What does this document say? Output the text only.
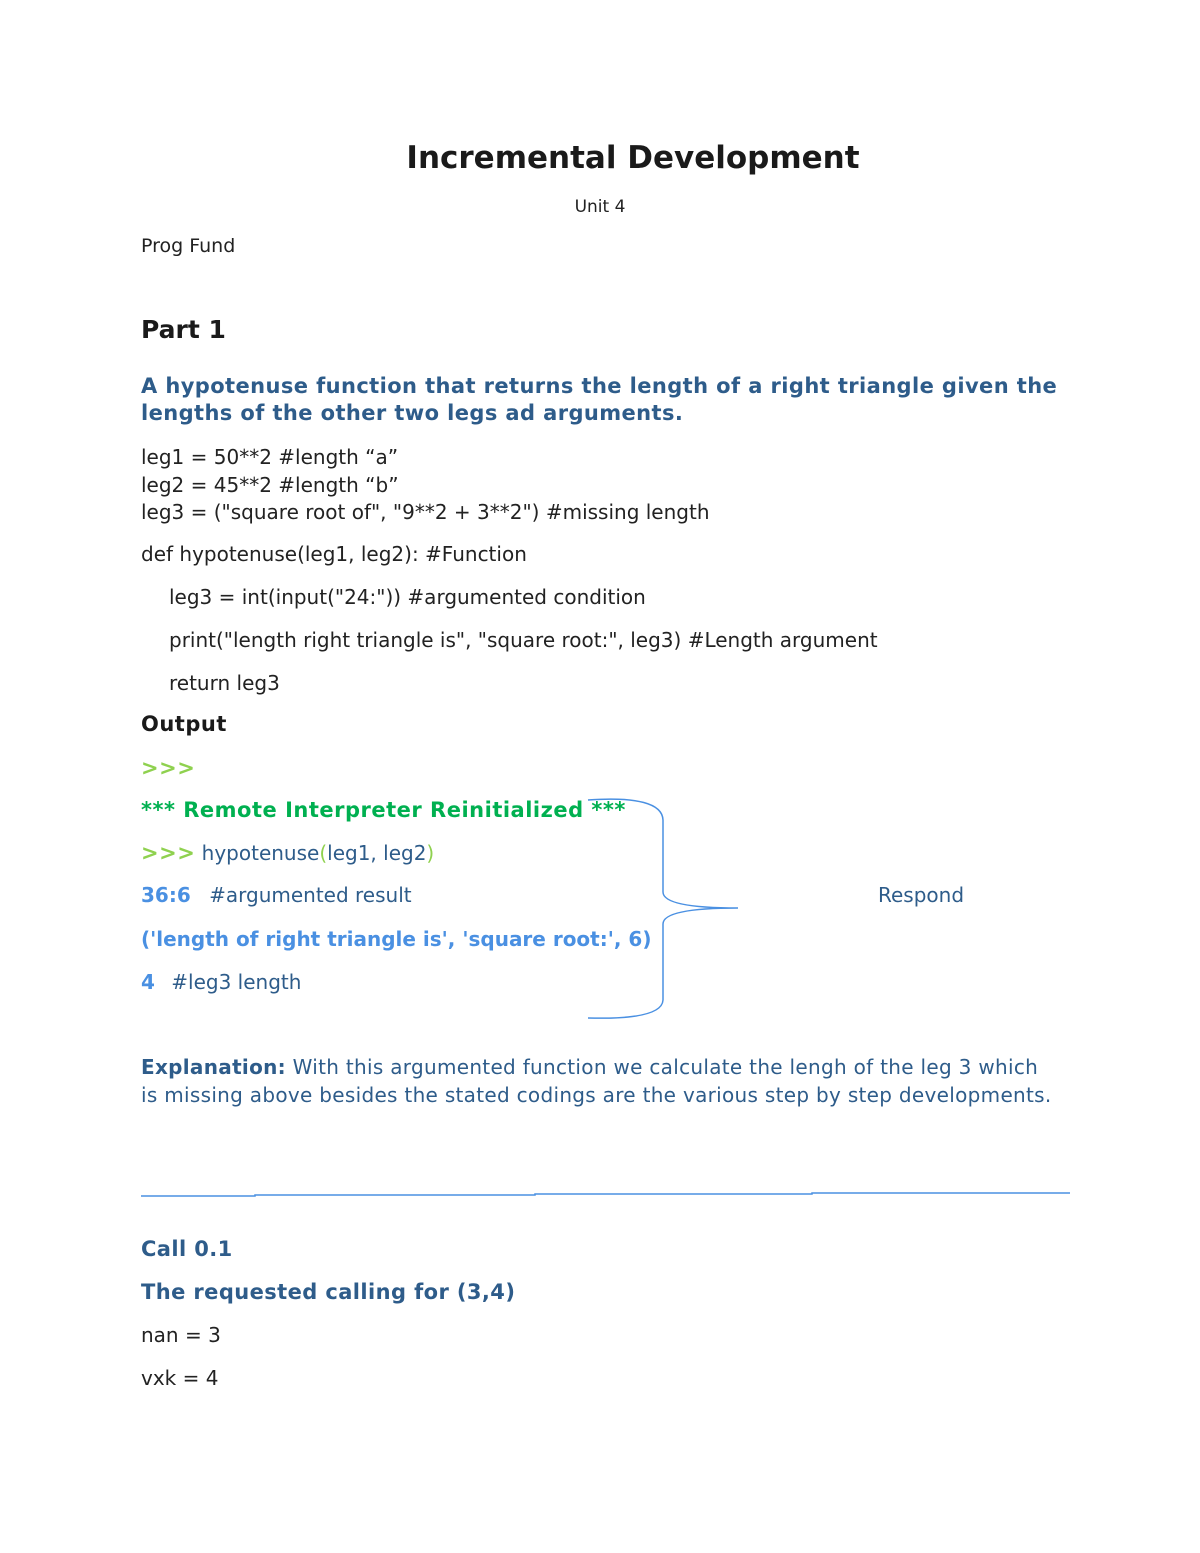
Incremental Development
Unit 4
Prog Fund
Part 1

A hypotenuse function that returns the length of a right triangle given the lengths of the other two legs ad arguments.

leg1 = 50**2 #length “a”
leg2 = 45**2 #length “b”
leg3 = ("square root of", "9**2 + 3**2") #missing length
def hypotenuse(leg1, leg2): #Function
leg3 = int(input("24:")) #argumented condition
print("length right triangle is", "square root:", leg3) #Length argument
return leg3
Output
>>>
*** Remote Interpreter Reinitialized ***
>>> hypotenuse(leg1, leg2)
36:6 #argumented result
('length of right triangle is', 'square root:', 6)
4 #leg3 length
Respond

Explanation: With this argumented function we calculate the lengh of the leg 3 which is missing above besides the stated codings are the various step by step developments.

Call 0.1
The requested calling for (3,4)
nan = 3
vxk = 4
